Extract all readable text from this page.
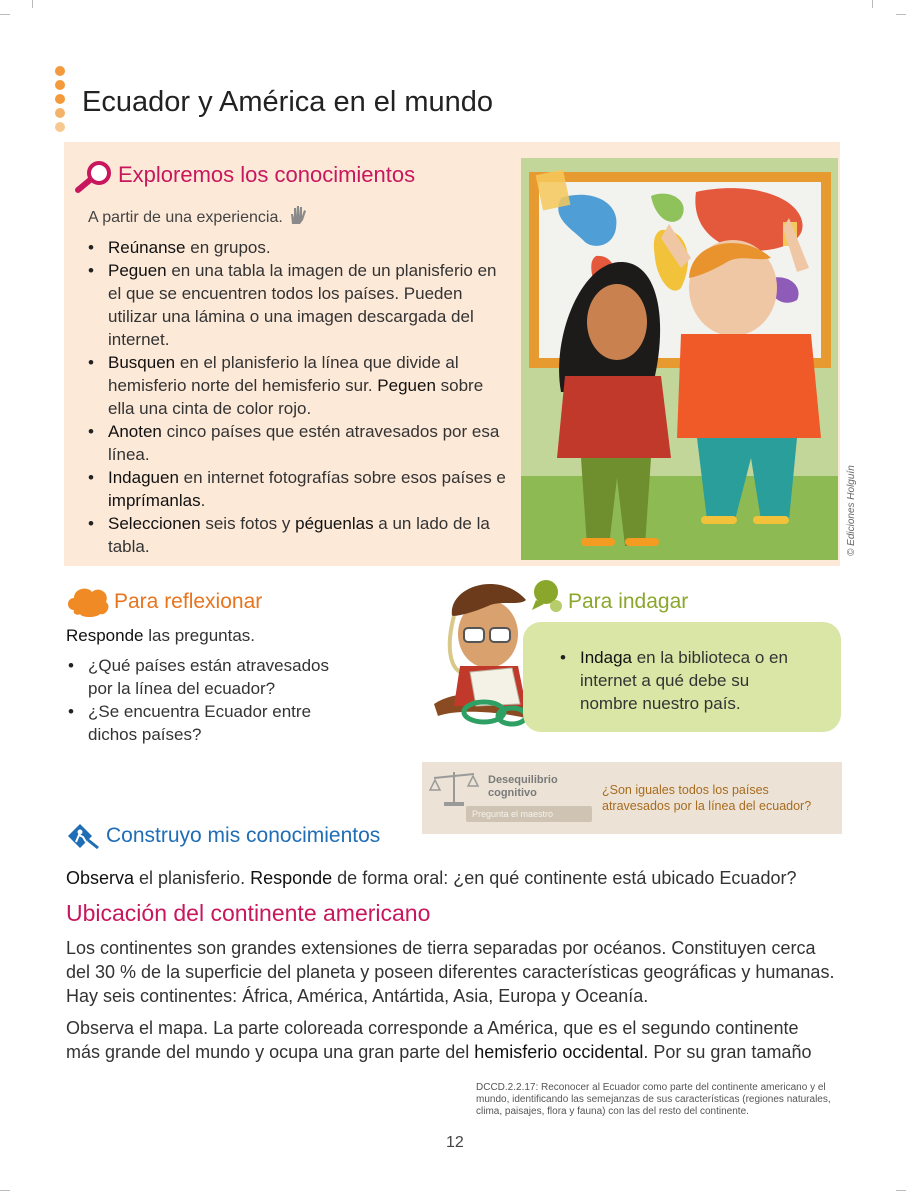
Ecuador y América en el mundo
Exploremos los conocimientos
A partir de una experiencia.
• Reúnanse en grupos.
• Peguen en una tabla la imagen de un planisferio en el que se encuentren todos los países. Pueden utilizar una lámina o una imagen descargada del internet.
• Busquen en el planisferio la línea que divide al hemisferio norte del hemisferio sur. Peguen sobre ella una cinta de color rojo.
• Anoten cinco países que estén atravesados por esa línea.
• Indaguen en internet fotografías sobre esos países e imprímanlas.
• Seleccionen seis fotos y péguenlas a un lado de la tabla.	© Ediciones Holguín
Para reflexionar
Responde las preguntas.
• ¿Qué países están atravesados por la línea del ecuador?
• ¿Se encuentra Ecuador entre dichos países?
Para indagar
• Indaga en la biblioteca o en internet a qué debe su nombre nuestro país.
Desequilibrio
cognitivo
Pregunta el maestro
¿Son iguales todos los países atravesados por la línea del ecuador?
Construyo mis conocimientos
Observa el planisferio. Responde de forma oral: ¿en qué continente está ubicado Ecuador?
Ubicación del continente americano
Los continentes son grandes extensiones de tierra separadas por océanos. Constituyen cerca
del 30 % de la superficie del planeta y poseen diferentes características geográficas y humanas.
Hay seis continentes: África, América, Antártida, Asia, Europa y Oceanía.
Observa el mapa. La parte coloreada corresponde a América, que es el segundo continente
más grande del mundo y ocupa una gran parte del hemisferio occidental. Por su gran tamaño
DCCD.2.2.17: Reconocer al Ecuador como parte del continente americano y el mundo, identificando las semejanzas de sus características (regiones naturales, clima, paisajes, flora y fauna) con las del resto del continente.
12
